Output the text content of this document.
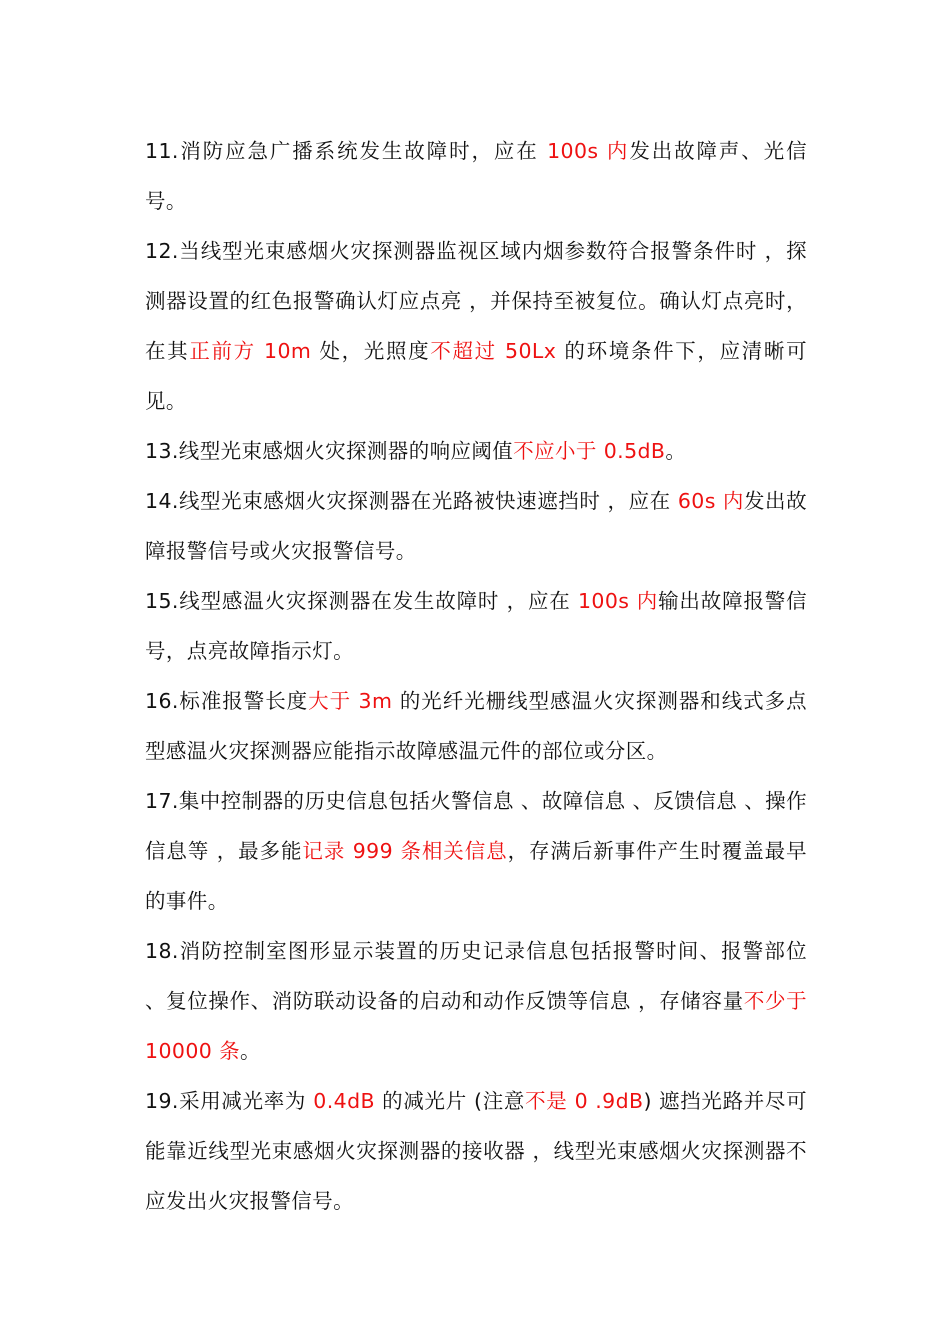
11.消防应急广播系统发生故障时，应在 100s 内发出故障声、光信号。

12.当线型光束感烟火灾探测器监视区域内烟参数符合报警条件时 ，探测器设置的红色报警确认灯应点亮 ，并保持至被复位。确认灯点亮时，在其正前方 10m 处，光照度不超过 50Lx 的环境条件下，应清晰可见。

13.线型光束感烟火灾探测器的响应阈值不应小于 0.5dB。

14.线型光束感烟火灾探测器在光路被快速遮挡时 ，应在 60s 内发出故障报警信号或火灾报警信号。

15.线型感温火灾探测器在发生故障时 ，应在 100s 内输出故障报警信号，点亮故障指示灯。

16.标准报警长度大于 3m 的光纤光栅线型感温火灾探测器和线式多点型感温火灾探测器应能指示故障感温元件的部位或分区。

17.集中控制器的历史信息包括火警信息 、故障信息 、反馈信息 、操作信息等 ，最多能记录 999 条相关信息，存满后新事件产生时覆盖最早的事件。

18.消防控制室图形显示装置的历史记录信息包括报警时间、报警部位 、复位操作、消防联动设备的启动和动作反馈等信息 ，存储容量不少于 10000 条。

19.采用减光率为 0.4dB 的减光片 (注意不是 0 .9dB) 遮挡光路并尽可能靠近线型光束感烟火灾探测器的接收器 ，线型光束感烟火灾探测器不应发出火灾报警信号。
